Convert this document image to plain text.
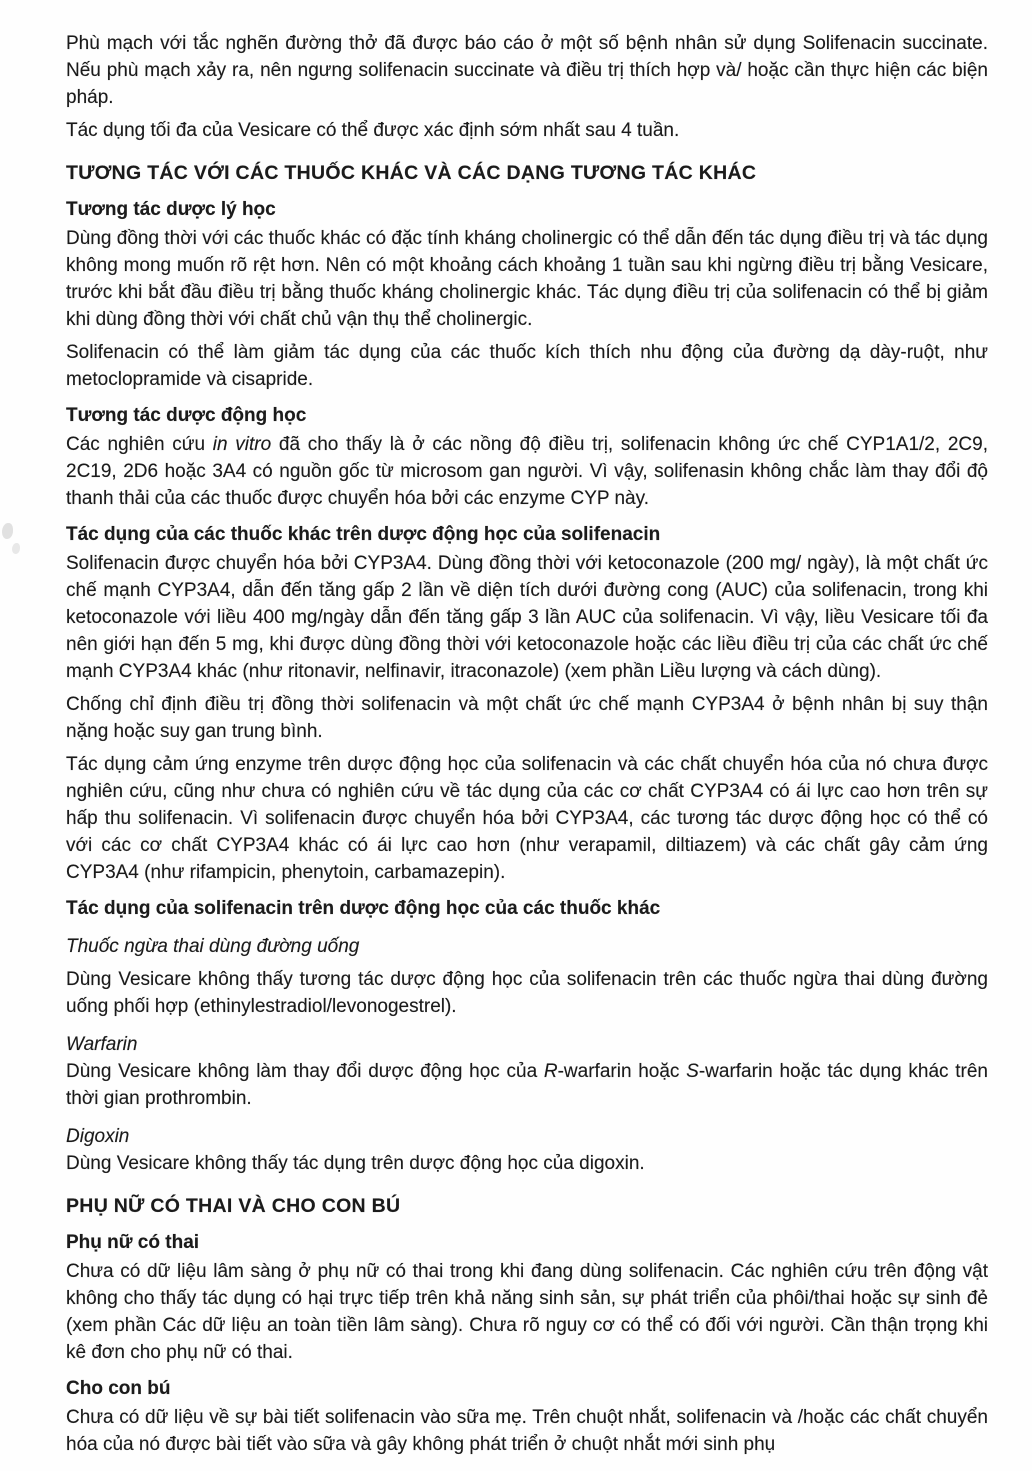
Phù mạch với tắc nghẽn đường thở đã được báo cáo ở một số bệnh nhân sử dụng Solifenacin succinate. Nếu phù mạch xảy ra, nên ngưng solifenacin succinate và điều trị thích hợp và/ hoặc cần thực hiện các biện pháp.
Tác dụng tối đa của Vesicare có thể được xác định sớm nhất sau 4 tuần.
TƯƠNG TÁC VỚI CÁC THUỐC KHÁC VÀ CÁC DẠNG TƯƠNG TÁC KHÁC
Tương tác dược lý học
Dùng đồng thời với các thuốc khác có đặc tính kháng cholinergic có thể dẫn đến tác dụng điều trị và tác dụng không mong muốn rõ rệt hơn. Nên có một khoảng cách khoảng 1 tuần sau khi ngừng điều trị bằng Vesicare, trước khi bắt đầu điều trị bằng thuốc kháng cholinergic khác. Tác dụng điều trị của solifenacin có thể bị giảm khi dùng đồng thời với chất chủ vận thụ thể cholinergic.
Solifenacin có thể làm giảm tác dụng của các thuốc kích thích nhu động của đường dạ dày-ruột, như metoclopramide và cisapride.
Tương tác dược động học
Các nghiên cứu in vitro đã cho thấy là ở các nồng độ điều trị, solifenacin không ức chế CYP1A1/2, 2C9, 2C19, 2D6 hoặc 3A4 có nguồn gốc từ microsom gan người. Vì vậy, solifenasin không chắc làm thay đổi độ thanh thải của các thuốc được chuyển hóa bởi các enzyme CYP này.
Tác dụng của các thuốc khác trên dược động học của solifenacin
Solifenacin được chuyển hóa bởi CYP3A4. Dùng đồng thời với ketoconazole (200 mg/ ngày), là một chất ức chế mạnh CYP3A4, dẫn đến tăng gấp 2 lần về diện tích dưới đường cong (AUC) của solifenacin, trong khi ketoconazole với liều 400 mg/ngày dẫn đến tăng gấp 3 lần AUC của solifenacin. Vì vậy, liều Vesicare tối đa nên giới hạn đến 5 mg, khi được dùng đồng thời với ketoconazole hoặc các liều điều trị của các chất ức chế mạnh CYP3A4 khác (như ritonavir, nelfinavir, itraconazole) (xem phần Liều lượng và cách dùng).
Chống chỉ định điều trị đồng thời solifenacin và một chất ức chế mạnh CYP3A4 ở bệnh nhân bị suy thận nặng hoặc suy gan trung bình.
Tác dụng cảm ứng enzyme trên dược động học của solifenacin và các chất chuyển hóa của nó chưa được nghiên cứu, cũng như chưa có nghiên cứu về tác dụng của các cơ chất CYP3A4 có ái lực cao hơn trên sự hấp thu solifenacin. Vì solifenacin được chuyển hóa bởi CYP3A4, các tương tác dược động học có thể có với các cơ chất CYP3A4 khác có ái lực cao hơn (như verapamil, diltiazem) và các chất gây cảm ứng CYP3A4 (như rifampicin, phenytoin, carbamazepin).
Tác dụng của solifenacin trên dược động học của các thuốc khác
Thuốc ngừa thai dùng đường uống
Dùng Vesicare không thấy tương tác dược động học của solifenacin trên các thuốc ngừa thai dùng đường uống phối hợp (ethinylestradiol/levonogestrel).
Warfarin
Dùng Vesicare không làm thay đổi dược động học của R-warfarin hoặc S-warfarin hoặc tác dụng khác trên thời gian prothrombin.
Digoxin
Dùng Vesicare không thấy tác dụng trên dược động học của digoxin.
PHỤ NỮ CÓ THAI VÀ CHO CON BÚ
Phụ nữ có thai
Chưa có dữ liệu lâm sàng ở phụ nữ có thai trong khi đang dùng solifenacin. Các nghiên cứu trên động vật không cho thấy tác dụng có hại trực tiếp trên khả năng sinh sản, sự phát triển của phôi/thai hoặc sự sinh đẻ (xem phần Các dữ liệu an toàn tiền lâm sàng). Chưa rõ nguy cơ có thể có đối với người. Cần thận trọng khi kê đơn cho phụ nữ có thai.
Cho con bú
Chưa có dữ liệu về sự bài tiết solifenacin vào sữa mẹ. Trên chuột nhắt, solifenacin và /hoặc các chất chuyển hóa của nó được bài tiết vào sữa và gây không phát triển ở chuột nhắt mới sinh phụ
